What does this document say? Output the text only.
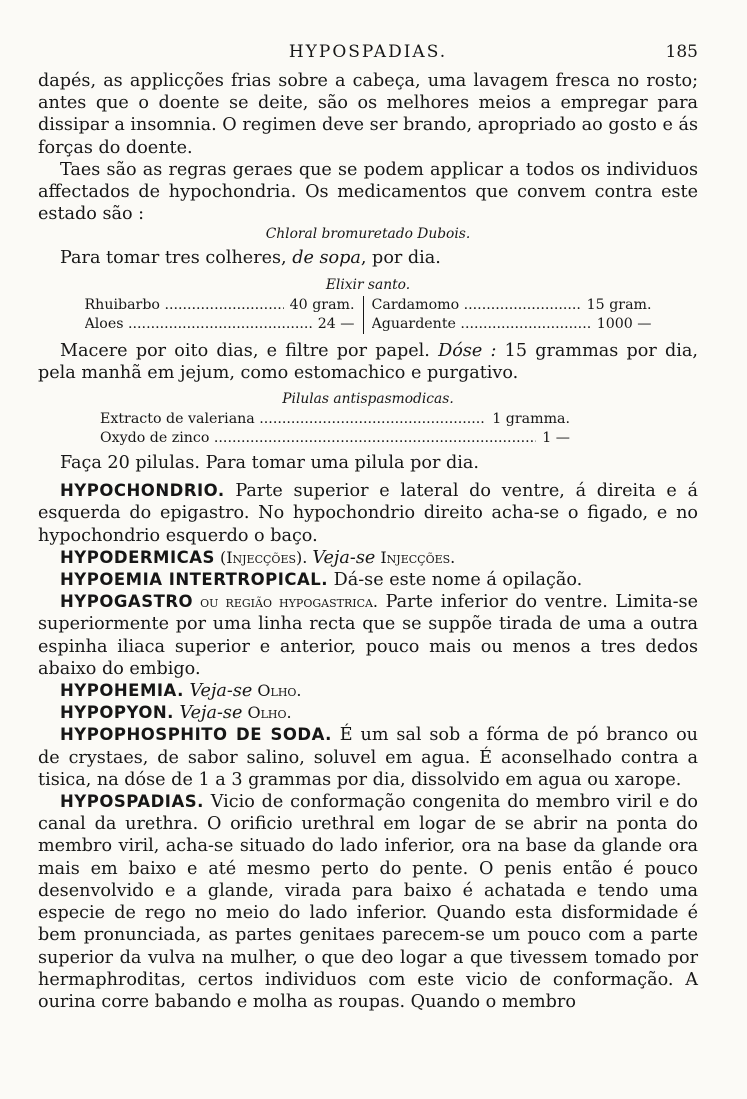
HYPOSPADIAS.	185

dapés, as applicções frias sobre a cabeça, uma lavagem fresca no rosto; antes que o doente se deite, são os melhores meios a empregar para dissipar a insomnia. O regimen deve ser brando, apropriado ao gosto e ás forças do doente.

Taes são as regras geraes que se podem applicar a todos os individuos affectados de hypochondria. Os medicamentos que convem contra este estado são :

Chloral bromuretado Dubois.

Para tomar tres colheres, de sopa, por dia.

Elixir santo.

Rhuibarbo .....	40 gram.
Aloes .....	24 —
Cardamomo .....	15 gram.
Aguardente .....	1000 —

Macere por oito dias, e filtre por papel. Dóse : 15 grammas por dia, pela manhã em jejum, como estomachico e purgativo.

Pilulas antispasmodicas.

Extracto de valeriana .....	1 gramma.
Oxydo de zinco .....	1 —

Faça 20 pilulas. Para tomar uma pilula por dia.

HYPOCHONDRIO. Parte superior e lateral do ventre, á direita e á esquerda do epigastro. No hypochondrio direito acha-se o figado, e no hypochondrio esquerdo o baço.

HYPODERMICAS (Injecções). Veja-se Injecções.

HYPOEMIA INTERTROPICAL. Dá-se este nome á opilação.

HYPOGASTRO ou região hypogastrica. Parte inferior do ventre. Limita-se superiormente por uma linha recta que se suppõe tirada de uma a outra espinha iliaca superior e anterior, pouco mais ou menos a tres dedos abaixo do embigo.

HYPOHEMIA. Veja-se Olho.

HYPOPYON. Veja-se Olho.

HYPOPHOSPHITO DE SODA. É um sal sob a fórma de pó branco ou de crystaes, de sabor salino, soluvel em agua. É aconselhado contra a tisica, na dóse de 1 a 3 grammas por dia, dissolvido em agua ou xarope.

HYPOSPADIAS. Vicio de conformação congenita do membro viril e do canal da urethra. O orificio urethral em logar de se abrir na ponta do membro viril, acha-se situado do lado inferior, ora na base da glande ora mais em baixo e até mesmo perto do pente. O penis então é pouco desenvolvido e a glande, virada para baixo é achatada e tendo uma especie de rego no meio do lado inferior. Quando esta disformidade é bem pronunciada, as partes genitaes parecem-se um pouco com a parte superior da vulva na mulher, o que deo logar a que tivessem tomado por hermaphroditas, certos individuos com este vicio de conformação. A ourina corre babando e molha as roupas. Quando o membro
